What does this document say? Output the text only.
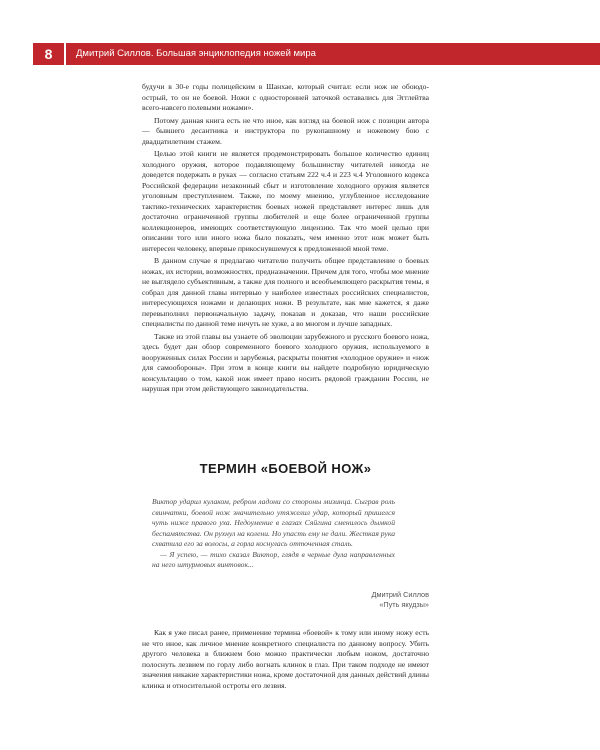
8	Дмитрий Силлов. Большая энциклопедия ножей мира

будучи в 30-е годы полицейским в Шанхае, который считал: если нож не обоюдо-острый, то он не боевой. Ножи с односторонней заточкой оставались для Эгглейтва всего-навсего полевыми ножами».

Потому данная книга есть не что иное, как взгляд на боевой нож с позиции автора — бывшего десантника и инструктора по рукопашному и ножевому бою с двадцатилетним стажем.

Целью этой книги не является продемонстрировать большое количество единиц холодного оружия, которое подавляющему большинству читателей никогда не доведется подержать в руках — согласно статьям 222 ч.4 и 223 ч.4 Уголовного кодекса Российской федерации незаконный сбыт и изготовление холодного оружия является уголовным преступлением. Также, по моему мнению, углубленное исследование тактико-технических характеристик боевых ножей представляет интерес лишь для достаточно ограниченной группы любителей и еще более ограниченной группы коллекционеров, имеющих соответствующую лицензию. Так что моей целью при описании того или иного ножа было показать, чем именно этот нож может быть интересен человеку, впервые прикоснувшемуся к предложенной мной теме.

В данном случае я предлагаю читателю получить общее представление о боевых ножах, их истории, возможностях, предназначении. Причем для того, чтобы мое мнение не выглядело субъективным, а также для полного и всеобъемлющего раскрытия темы, я собрал для данной главы интервью у наиболее известных российских специалистов, интересующихся ножами и делающих ножи. В результате, как мне кажется, я даже перевыполнил первоначальную задачу, показав и доказав, что наши российские специалисты по данной теме ничуть не хуже, а во многом и лучше западных.

Также из этой главы вы узнаете об эволюции зарубежного и русского боевого ножа, здесь будет дан обзор современного боевого холодного оружия, используемого в вооруженных силах России и зарубежья, раскрыты понятия «холодное оружие» и «нож для самообороны». При этом в конце книги вы найдете подробную юридическую консультацию о том, какой нож имеет право носить рядовой гражданин России, не нарушая при этом действующего законодательства.

ТЕРМИН «БОЕВОЙ НОЖ»

Виктор ударил кулаком, ребром ладони со стороны мизинца. Сыграв роль свинчатки, боевой нож значительно утяжелил удар, который пришелся чуть ниже правого уха. Недоумение в глазах Сяйгина сменилось дымкой беспамятства. Он рухнул на колени. Но упасть ему не дали. Жесткая рука схватила его за волосы, а горла коснулась отточенная сталь.

— Я успею, — тихо сказал Виктор, глядя в черные дула направленных на него штурмовых винтовок...

Дмитрий Силлов
«Путь якудзы»

Как я уже писал ранее, применение термина «боевой» к тому или иному ножу есть не что иное, как личное мнение конкретного специалиста по данному вопросу. Убить другого человека в ближнем бою можно практически любым ножом, достаточно полоснуть лезвием по горлу либо вогнать клинок в глаз. При таком подходе не имеют значения никакие характеристики ножа, кроме достаточной для данных действий длины клинка и относительной остроты его лезвия.
